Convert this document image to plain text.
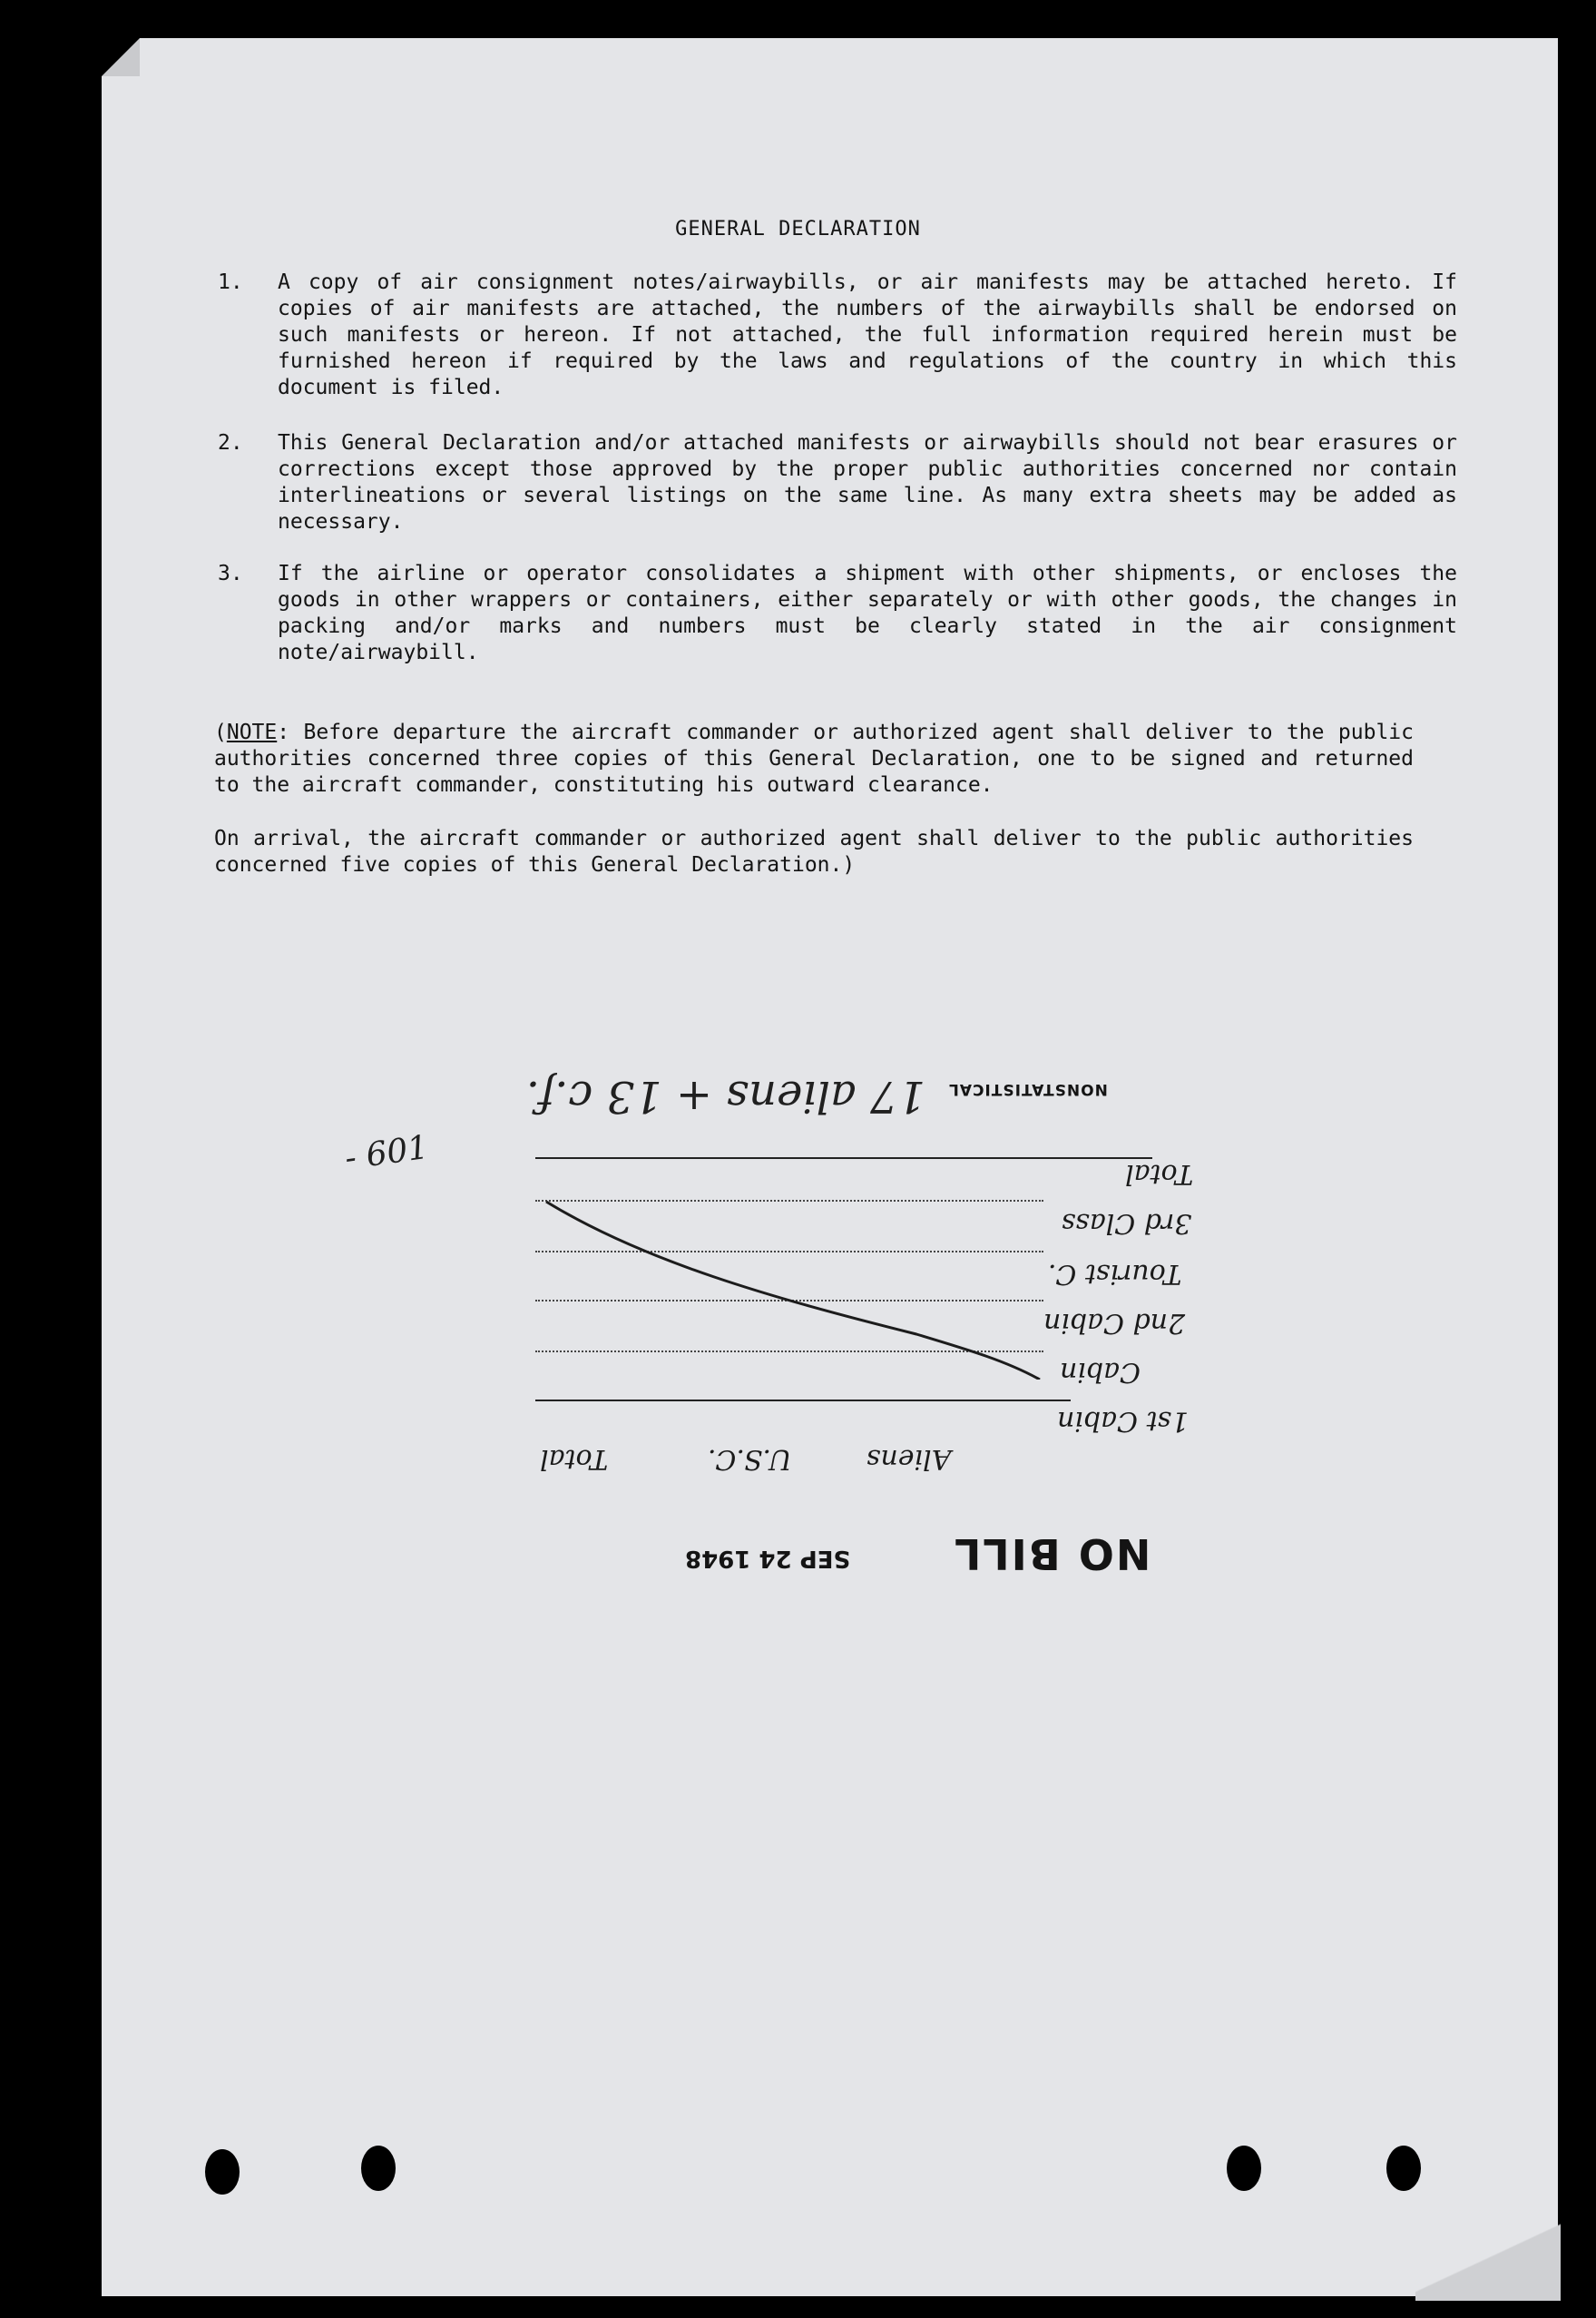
GENERAL DECLARATION
1. A copy of air consignment notes/airwaybills, or air manifests may be attached hereto. If copies of air manifests are attached, the numbers of the airwaybills shall be endorsed on such manifests or hereon. If not attached, the full information required herein must be furnished hereon if required by the laws and regulations of the country in which this document is filed.
2. This General Declaration and/or attached manifests or airwaybills should not bear erasures or corrections except those approved by the proper public authorities concerned nor contain interlineations or several listings on the same line. As many extra sheets may be added as necessary.
3. If the airline or operator consolidates a shipment with other shipments, or encloses the goods in other wrappers or containers, either separately or with other goods, the changes in packing and/or marks and numbers must be clearly stated in the air consignment note/airwaybill.
(NOTE: Before departure the aircraft commander or authorized agent shall deliver to the public authorities concerned three copies of this General Declaration, one to be signed and returned to the aircraft commander, constituting his outward clearance.
On arrival, the aircraft commander or authorized agent shall deliver to the public authorities concerned five copies of this General Declaration.)
NONSTATISTICAL
17 aliens + 13 c.f.
- 601	Total
3rd Class
Tourist C.
2nd Cabin
Cabin
1st Cabin
Aliens
U.S.C.
Total
NO BILL
SEP 24 1948
